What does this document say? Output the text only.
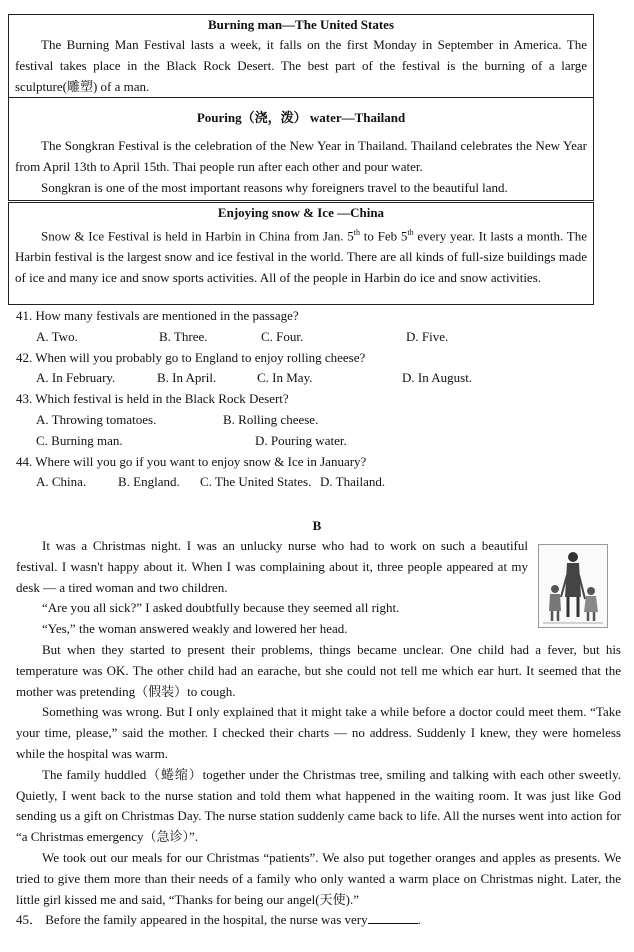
Burning man—The United States

The Burning Man Festival lasts a week, it falls on the first Monday in September in America. The festival takes place in the Black Rock Desert. The best part of the festival is the burning of a large sculpture(雕塑) of a man.

Pouring（浇，泼） water—Thailand

The Songkran Festival is the celebration of the New Year in Thailand. Thailand celebrates the New Year from April 13th to April 15th. Thai people run after each other and pour water.

Songkran is one of the most important reasons why foreigners travel to the beautiful land.

Enjoying snow & Ice —China

Snow & Ice Festival is held in Harbin in China from Jan. 5th to Feb 5th every year. It lasts a month. The Harbin festival is the largest snow and ice festival in the world. There are all kinds of full-size buildings made of ice and many ice and snow sports activities. All of the people in Harbin do ice and snow activities.

41. How many festivals are mentioned in the passage?
A. Two.	B. Three.	C. Four.	D. Five.
42. When will you probably go to England to enjoy rolling cheese?
A. In February.	B. In April.	C. In May.	D. In August.
43. Which festival is held in the Black Rock Desert?
A. Throwing tomatoes.	B. Rolling cheese.
C. Burning man.	D. Pouring water.
44. Where will you go if you want to enjoy snow & Ice in January?
A. China. B. England. C. The United States. D. Thailand.
B

It was a Christmas night. I was an unlucky nurse who had to work on such a beautiful festival. I wasn't happy about it. When I was complaining about it, three people appeared at my desk — a tired woman and two children.

“Are you all sick?” I asked doubtfully because they seemed all right.

“Yes,” the woman answered weakly and lowered her head.

But when they started to present their problems, things became unclear. One child had a fever, but his temperature was OK. The other child had an earache, but she could not tell me which ear hurt. It seemed that the mother was pretending（假装）to cough.

Something was wrong. But I only explained that it might take a while before a doctor could meet them. “Take your time, please,” said the mother. I checked their charts — no address. Suddenly I knew, they were homeless while the hospital was warm.

The family huddled（蜷缩）together under the Christmas tree, smiling and talking with each other sweetly. Quietly, I went back to the nurse station and told them what happened in the waiting room. It was just like God sending us a gift on Christmas Day. The nurse station suddenly came back to life. All the nurses went into action for “a Christmas emergency（急诊）”.

We took out our meals for our Christmas “patients”. We also put together oranges and apples as presents. We tried to give them more than their needs of a family who only wanted a warm place on Christmas night. Later, the little girl kissed me and said, “Thanks for being our angel(天使).”

45． Before the family appeared in the hospital, the nurse was very	.
